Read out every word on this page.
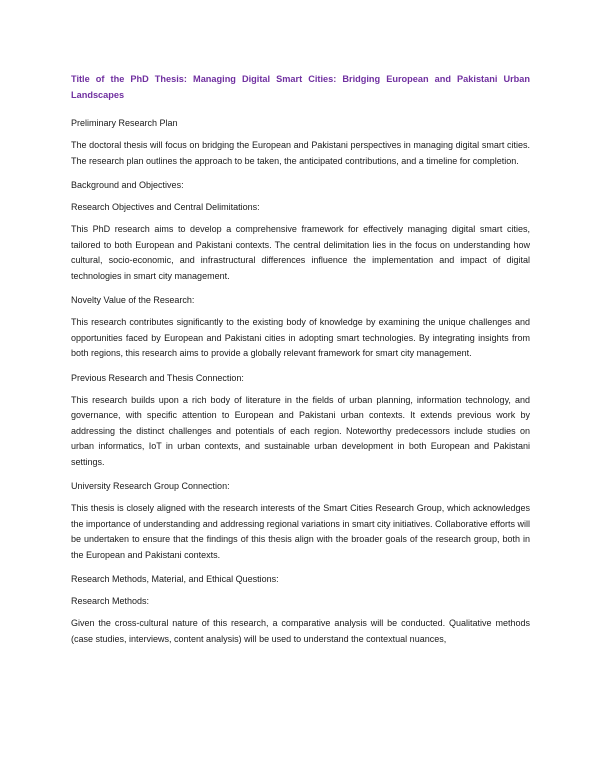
Title of the PhD Thesis: Managing Digital Smart Cities: Bridging European and Pakistani Urban Landscapes

Preliminary Research Plan

The doctoral thesis will focus on bridging the European and Pakistani perspectives in managing digital smart cities. The research plan outlines the approach to be taken, the anticipated contributions, and a timeline for completion.

Background and Objectives:

Research Objectives and Central Delimitations:

This PhD research aims to develop a comprehensive framework for effectively managing digital smart cities, tailored to both European and Pakistani contexts. The central delimitation lies in the focus on understanding how cultural, socio-economic, and infrastructural differences influence the implementation and impact of digital technologies in smart city management.

Novelty Value of the Research:

This research contributes significantly to the existing body of knowledge by examining the unique challenges and opportunities faced by European and Pakistani cities in adopting smart technologies. By integrating insights from both regions, this research aims to provide a globally relevant framework for smart city management.

Previous Research and Thesis Connection:

This research builds upon a rich body of literature in the fields of urban planning, information technology, and governance, with specific attention to European and Pakistani urban contexts. It extends previous work by addressing the distinct challenges and potentials of each region. Noteworthy predecessors include studies on urban informatics, IoT in urban contexts, and sustainable urban development in both European and Pakistani settings.

University Research Group Connection:

This thesis is closely aligned with the research interests of the Smart Cities Research Group, which acknowledges the importance of understanding and addressing regional variations in smart city initiatives. Collaborative efforts will be undertaken to ensure that the findings of this thesis align with the broader goals of the research group, both in the European and Pakistani contexts.

Research Methods, Material, and Ethical Questions:

Research Methods:

Given the cross-cultural nature of this research, a comparative analysis will be conducted. Qualitative methods (case studies, interviews, content analysis) will be used to understand the contextual nuances,
